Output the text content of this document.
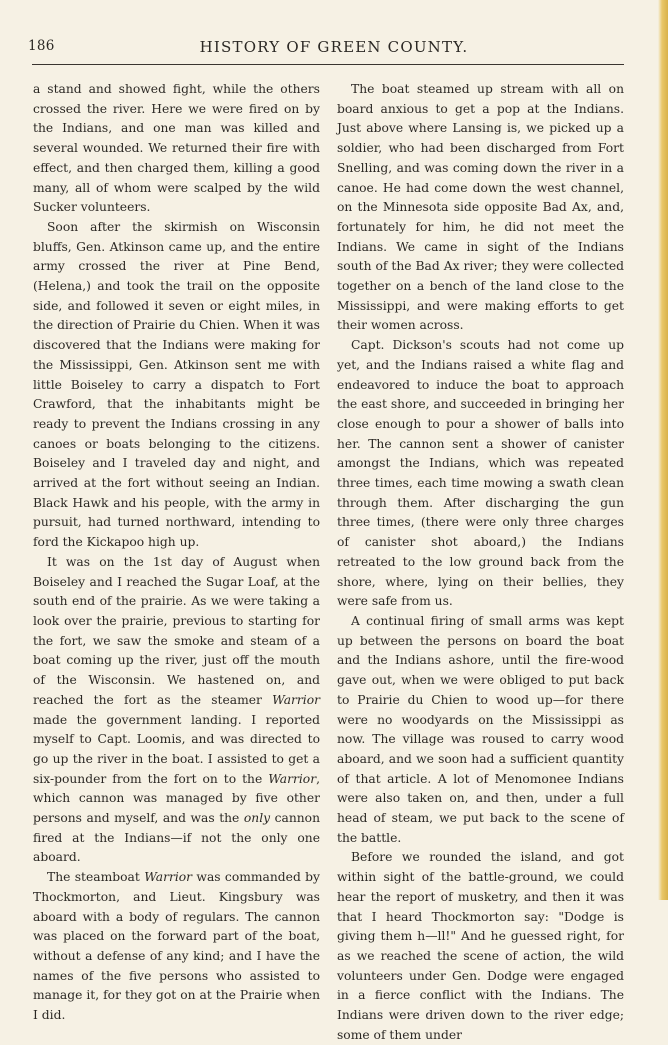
186	HISTORY OF GREEN COUNTY.

a stand and showed fight, while the others crossed the river. Here we were fired on by the Indians, and one man was killed and several wounded. We returned their fire with effect, and then charged them, killing a good many, all of whom were scalped by the wild Sucker volunteers.

Soon after the skirmish on Wisconsin bluffs, Gen. Atkinson came up, and the entire army crossed the river at Pine Bend, (Helena,) and took the trail on the opposite side, and followed it seven or eight miles, in the direction of Prairie du Chien. When it was discovered that the Indians were making for the Mississippi, Gen. Atkinson sent me with little Boiseley to carry a dispatch to Fort Crawford, that the inhabitants might be ready to prevent the Indians crossing in any canoes or boats belonging to the citizens. Boiseley and I traveled day and night, and arrived at the fort without seeing an Indian. Black Hawk and his people, with the army in pursuit, had turned northward, intending to ford the Kickapoo high up.

It was on the 1st day of August when Boiseley and I reached the Sugar Loaf, at the south end of the prairie. As we were taking a look over the prairie, previous to starting for the fort, we saw the smoke and steam of a boat coming up the river, just off the mouth of the Wisconsin. We hastened on, and reached the fort as the steamer Warrior made the government landing. I reported myself to Capt. Loomis, and was directed to go up the river in the boat. I assisted to get a six-pounder from the fort on to the Warrior, which cannon was managed by five other persons and myself, and was the only cannon fired at the Indians—if not the only one aboard.

The steamboat Warrior was commanded by Thockmorton, and Lieut. Kingsbury was aboard with a body of regulars. The cannon was placed on the forward part of the boat, without a defense of any kind; and I have the names of the five persons who assisted to manage it, for they got on at the Prairie when I did.

The boat steamed up stream with all on board anxious to get a pop at the Indians. Just above where Lansing is, we picked up a soldier, who had been discharged from Fort Snelling, and was coming down the river in a canoe. He had come down the west channel, on the Minnesota side opposite Bad Ax, and, fortunately for him, he did not meet the Indians. We came in sight of the Indians south of the Bad Ax river; they were collected together on a bench of the land close to the Mississippi, and were making efforts to get their women across.

Capt. Dickson's scouts had not come up yet, and the Indians raised a white flag and endeavored to induce the boat to approach the east shore, and succeeded in bringing her close enough to pour a shower of balls into her. The cannon sent a shower of canister amongst the Indians, which was repeated three times, each time mowing a swath clean through them. After discharging the gun three times, (there were only three charges of canister shot aboard,) the Indians retreated to the low ground back from the shore, where, lying on their bellies, they were safe from us.

A continual firing of small arms was kept up between the persons on board the boat and the Indians ashore, until the fire-wood gave out, when we were obliged to put back to Prairie du Chien to wood up—for there were no woodyards on the Mississippi as now. The village was roused to carry wood aboard, and we soon had a sufficient quantity of that article. A lot of Menomonee Indians were also taken on, and then, under a full head of steam, we put back to the scene of the battle.

Before we rounded the island, and got within sight of the battle-ground, we could hear the report of musketry, and then it was that I heard Thockmorton say: "Dodge is giving them h—ll!" And he guessed right, for as we reached the scene of action, the wild volunteers under Gen. Dodge were engaged in a fierce conflict with the Indians. The Indians were driven down to the river edge; some of them under
